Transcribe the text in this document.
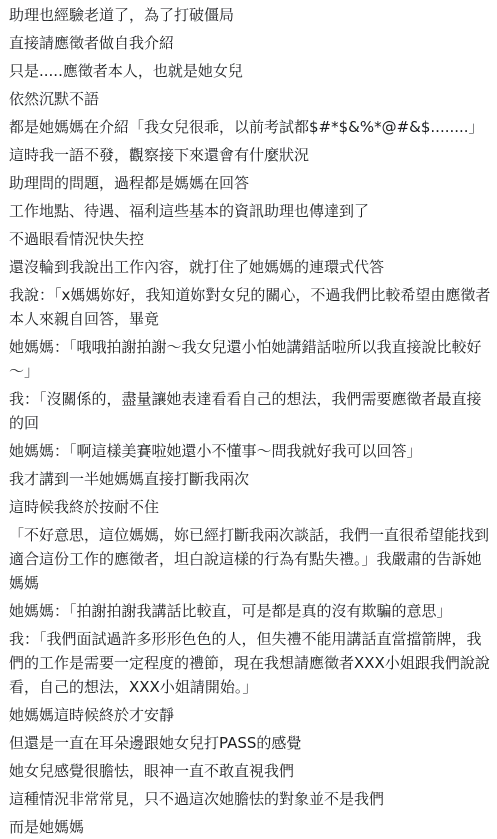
助理也經驗老道了，為了打破僵局

直接請應徵者做自我介紹

只是.....應徵者本人，也就是她女兒

依然沉默不語

都是她媽媽在介紹「我女兒很乖，以前考試都$#*$&%*@#&$........」

這時我一語不發，觀察接下來還會有什麼狀況

助理問的問題，過程都是媽媽在回答

工作地點、待遇、福利這些基本的資訊助理也傳達到了

不過眼看情況快失控

還沒輪到我說出工作內容，就打住了她媽媽的連環式代答

我說：「x媽媽妳好，我知道妳對女兒的關心，不過我們比較希望由應徵者本人來親自回答，畢竟

她媽媽：「哦哦拍謝拍謝～我女兒還小怕她講錯話啦所以我直接說比較好～」

我：「沒關係的，盡量讓她表達看看自己的想法，我們需要應徵者最直接的回

她媽媽：「啊這樣美賽啦她還小不懂事～問我就好我可以回答」

我才講到一半她媽媽直接打斷我兩次

這時候我終於按耐不住

「不好意思，這位媽媽，妳已經打斷我兩次談話，我們一直很希望能找到適合這份工作的應徵者，坦白說這樣的行為有點失禮。」我嚴肅的告訴她媽媽

她媽媽：「拍謝拍謝我講話比較直，可是都是真的沒有欺騙的意思」

我：「我們面試過許多形形色色的人，但失禮不能用講話直當擋箭牌，我們的工作是需要一定程度的禮節，現在我想請應徵者XXX小姐跟我們說說看，自己的想法，XXX小姐請開始。」

她媽媽這時候終於才安靜

但還是一直在耳朵邊跟她女兒打PASS的感覺

她女兒感覺很膽怯，眼神一直不敢直視我們

這種情況非常常見，只不過這次她膽怯的對象並不是我們

而是她媽媽
